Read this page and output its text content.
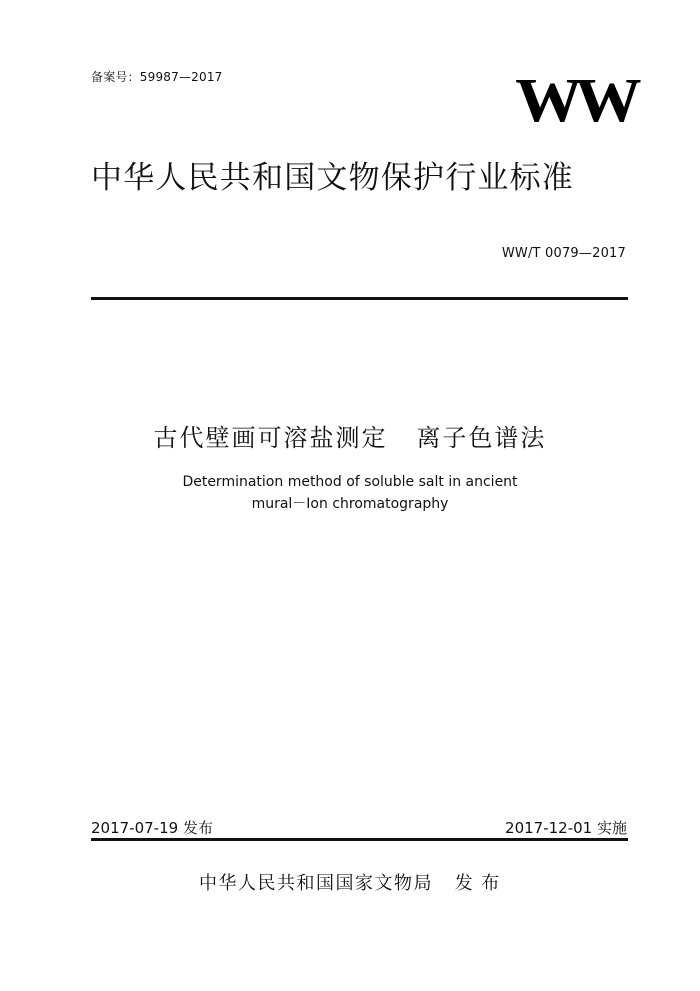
备案号：59987—2017	WW
中华人民共和国文物保护行业标准
WW/T 0079—2017
古代壁画可溶盐测定   离子色谱法
Determination method of soluble salt in ancient
mural－Ion chromatography
2017-07-19 发布	2017-12-01 实施
中华人民共和国国家文物局   发 布
